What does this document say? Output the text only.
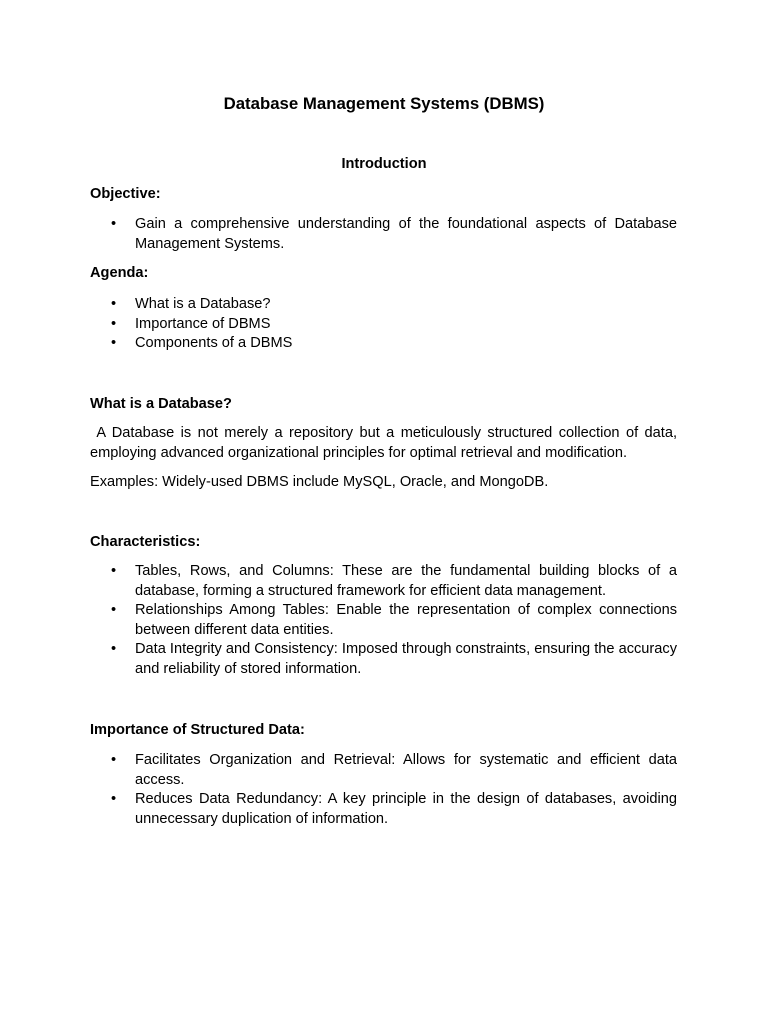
Database Management Systems (DBMS)
Introduction
Objective:
• Gain a comprehensive understanding of the foundational aspects of Database Management Systems.
Agenda:
• What is a Database?
• Importance of DBMS
• Components of a DBMS
What is a Database?
A Database is not merely a repository but a meticulously structured collection of data, employing advanced organizational principles for optimal retrieval and modification.
Examples: Widely-used DBMS include MySQL, Oracle, and MongoDB.
Characteristics:
• Tables, Rows, and Columns: These are the fundamental building blocks of a database, forming a structured framework for efficient data management.
• Relationships Among Tables: Enable the representation of complex connections between different data entities.
• Data Integrity and Consistency: Imposed through constraints, ensuring the accuracy and reliability of stored information.
Importance of Structured Data:
• Facilitates Organization and Retrieval: Allows for systematic and efficient data access.
• Reduces Data Redundancy: A key principle in the design of databases, avoiding unnecessary duplication of information.
